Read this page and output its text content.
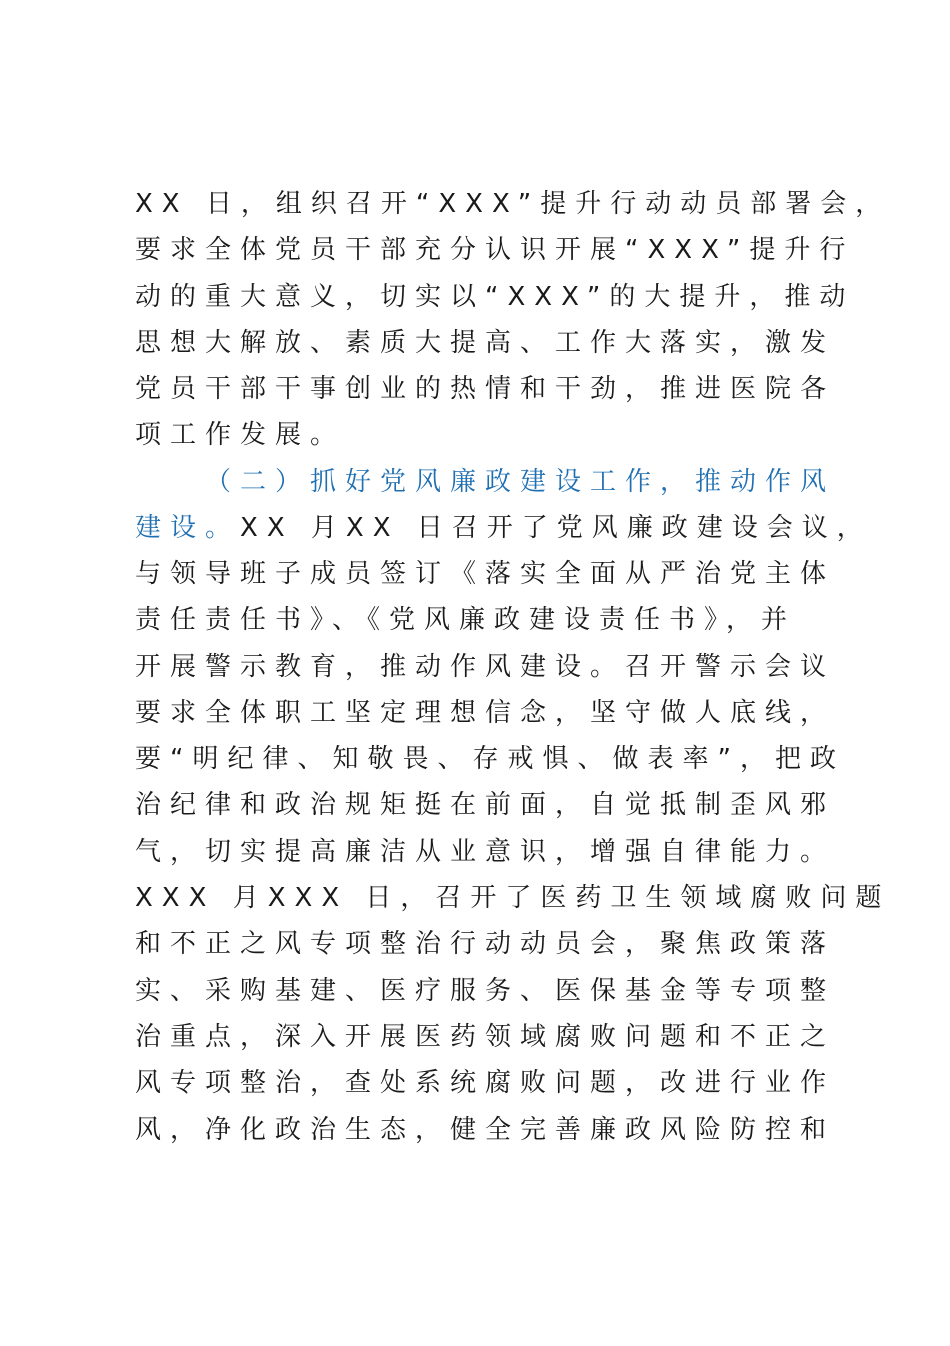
XX 日，组织召开“XXX”提升行动动员部署会，
要求全体党员干部充分认识开展“XXX”提升行
动的重大意义，切实以“XXX”的大提升，推动
思想大解放、素质大提高、工作大落实，激发
党员干部干事创业的热情和干劲，推进医院各
项工作发展。
（二）抓好党风廉政建设工作，推动作风
建设。XX 月XX 日召开了党风廉政建设会议，
与领导班子成员签订《落实全面从严治党主体
责任责任书》、《党风廉政建设责任书》，并
开展警示教育，推动作风建设。召开警示会议
要求全体职工坚定理想信念，坚守做人底线，
要“明纪律、知敬畏、存戒惧、做表率”，把政
治纪律和政治规矩挺在前面，自觉抵制歪风邪
气，切实提高廉洁从业意识，增强自律能力。
XXX 月XXX 日，召开了医药卫生领域腐败问题
和不正之风专项整治行动动员会，聚焦政策落
实、采购基建、医疗服务、医保基金等专项整
治重点，深入开展医药领域腐败问题和不正之
风专项整治，查处系统腐败问题，改进行业作
风，净化政治生态，健全完善廉政风险防控和
